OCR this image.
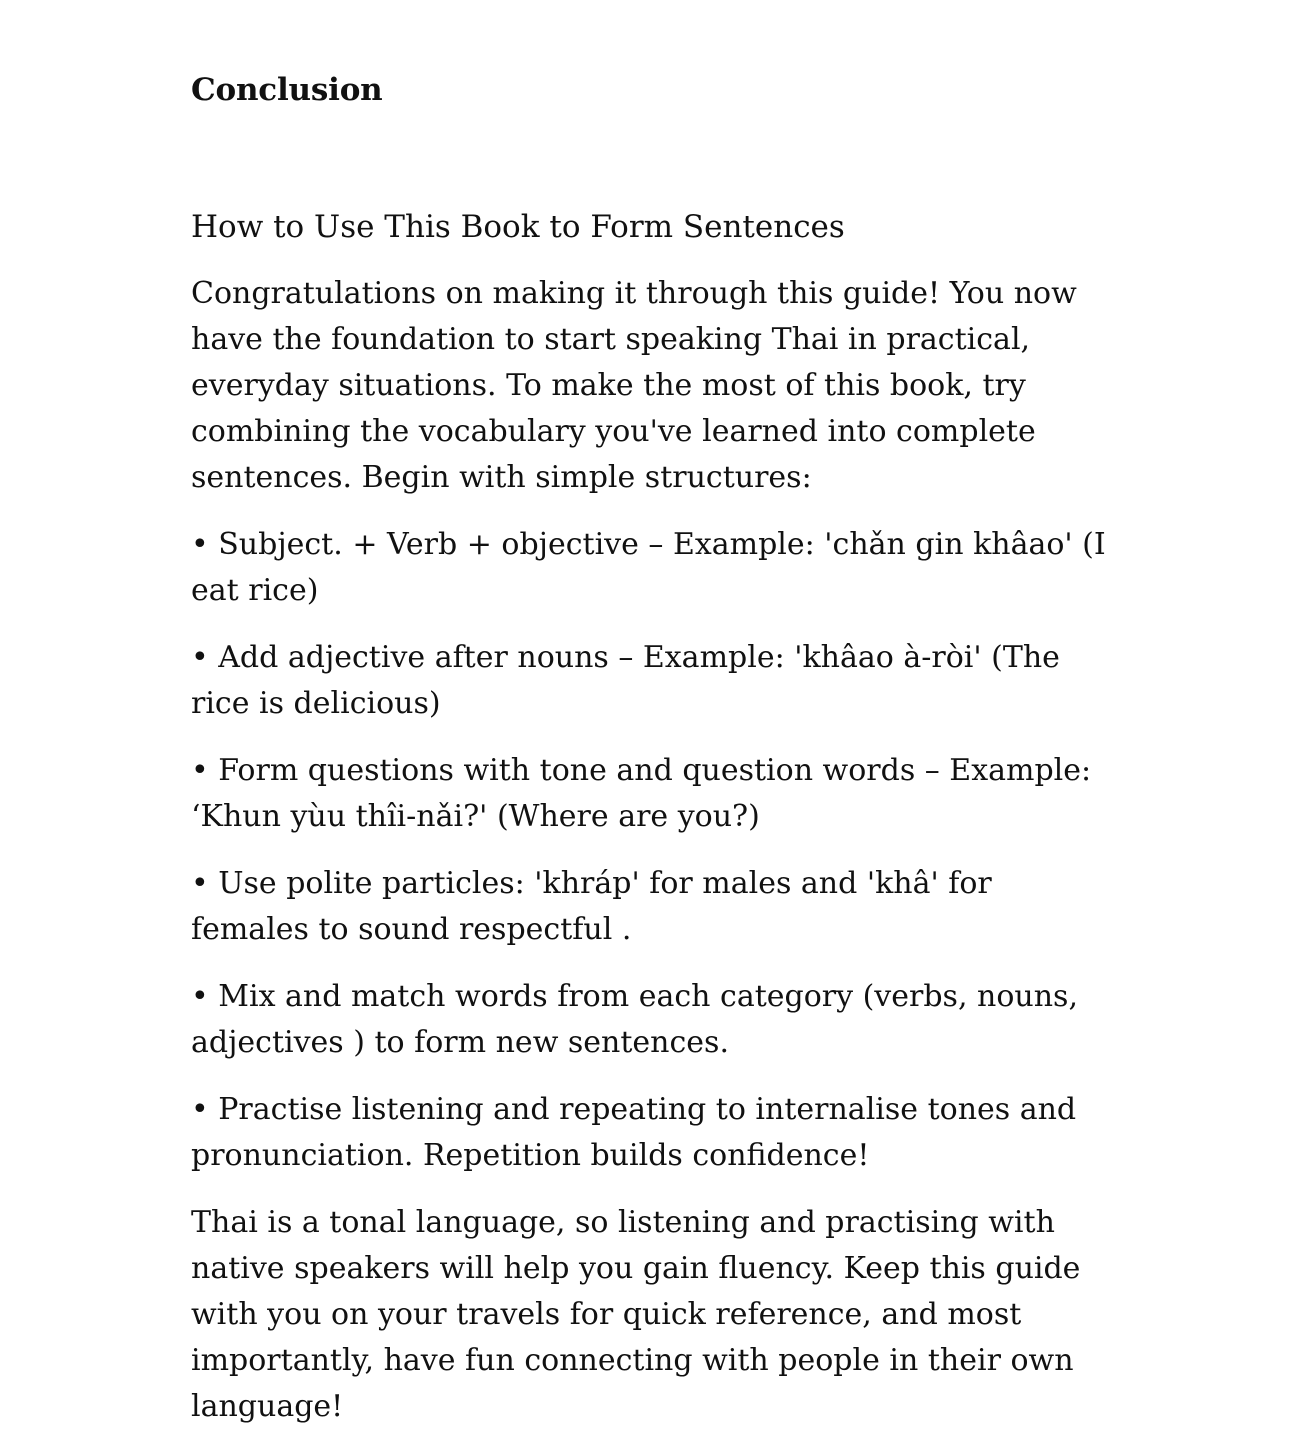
Conclusion
How to Use This Book to Form Sentences

Congratulations on making it through this guide! You now have the foundation to start speaking Thai in practical, everyday situations. To make the most of this book, try combining the vocabulary you've learned into complete sentences. Begin with simple structures:

• Subject. + Verb + objective – Example: 'chǎn gin khâao' (I eat rice)

• Add adjective after nouns – Example: 'khâao à-ròi' (The rice is delicious)

• Form questions with tone and question words – Example: ‘Khun yùu thîi-nǎi?' (Where are you?)

• Use polite particles: 'khráp' for males and 'khâ' for females to sound respectful .

• Mix and match words from each category (verbs, nouns, adjectives ) to form new sentences.

• Practise listening and repeating to internalise tones and pronunciation. Repetition builds confidence!

Thai is a tonal language, so listening and practising with native speakers will help you gain fluency. Keep this guide with you on your travels for quick reference, and most importantly, have fun connecting with people in their own language!
